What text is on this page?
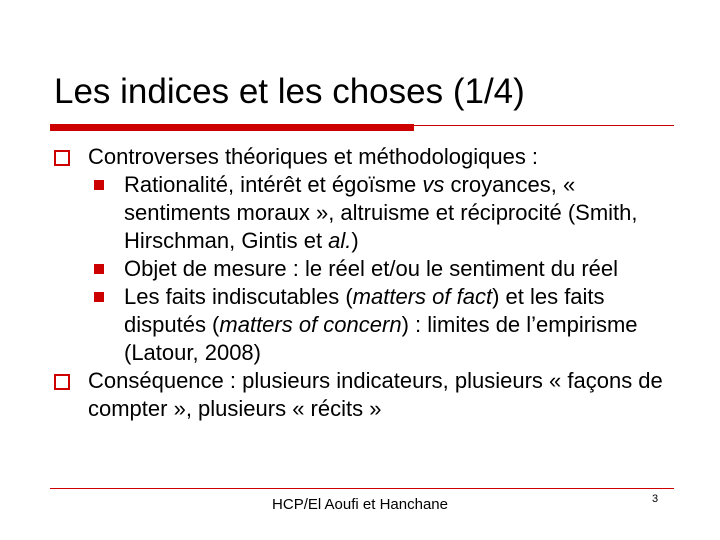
Les indices et les choses (1/4)
Controverses théoriques et méthodologiques :
Rationalité, intérêt et égoïsme vs croyances, « sentiments moraux », altruisme et réciprocité (Smith, Hirschman, Gintis et al.)
Objet de mesure : le réel et/ou le sentiment du réel
Les faits indiscutables (matters of fact) et les faits disputés (matters of concern) : limites de l’empirisme (Latour, 2008)
Conséquence : plusieurs indicateurs, plusieurs « façons de compter », plusieurs « récits »
HCP/El Aoufi et Hanchane	3
